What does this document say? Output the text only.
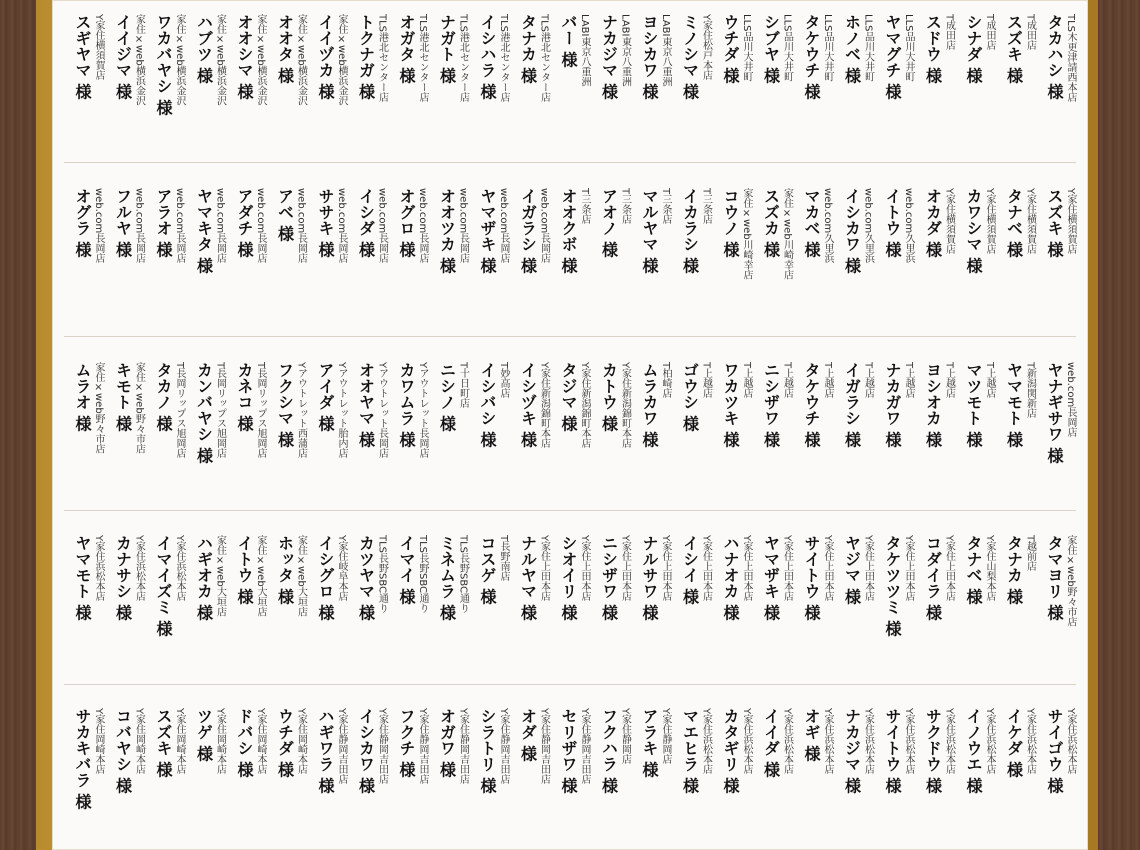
TLS木更津請西本店
タカハシ 様
T成田店
スズキ 様
T成田店
シナダ 様
T成田店
スドウ 様
LLS品川大井町
ヤマグチ 様
LLS品川大井町
ホノベ 様
LLS品川大井町
タケウチ 様
LLS品川大井町
シブヤ 様
LLS品川大井町
ウチダ 様
Y家住松戸本店
ミノシマ 様
LABI東京八重洲
ヨシカワ 様
LABI東京八重洲
ナカジマ 様
LABI東京八重洲
バー 様
TLS港北センター店
タナカ 様
TLS港北センター店
イシハラ 様
TLS港北センター店
ナガト 様
TLS港北センター店
オガタ 様
TLS港北センター店
トクナガ 様
家住×web横浜金沢
イイヅカ 様
家住×web横浜金沢
オオタ 様
家住×web横浜金沢
オオシマ 様
家住×web横浜金沢
ハブツ 様
家住×web横浜金沢
ワカバヤシ 様
家住×web横浜金沢
イイジマ 様
Y家住横須賀店
スギヤマ 様
Y家住横須賀店
スズキ 様
Y家住横須賀店
タナベ 様
Y家住横須賀店
カワシマ 様
Y家住横須賀店
オカダ 様
web.com久里浜
イトウ 様
web.com久里浜
イシカワ 様
web.com久里浜
マカベ 様
家住×web川崎幸店
スズカ 様
家住×web川崎幸店
コウノ 様
T三条店
イカラシ 様
T三条店
マルヤマ 様
T三条店
アオノ 様
T三条店
オオクボ 様
web.com長岡店
イガラシ 様
web.com長岡店
ヤマザキ 様
web.com長岡店
オオツカ 様
web.com長岡店
オグロ 様
web.com長岡店
イシダ 様
web.com長岡店
ササキ 様
web.com長岡店
アベ 様
web.com長岡店
アダチ 様
web.com長岡店
ヤマキタ 様
web.com長岡店
アラオ 様
web.com長岡店
フルヤ 様
web.com長岡店
オグラ 様
web.com長岡店
ヤナギサワ 様
T新潟関新店
ヤマモト 様
T上越店
マツモト 様
T上越店
ヨシオカ 様
T上越店
ナカガワ 様
T上越店
イガラシ 様
T上越店
タケウチ 様
T上越店
ニシザワ 様
T上越店
ワカツキ 様
T上越店
ゴウシ 様
T柏崎店
ムラカワ 様
Y家住新潟錦町本店
カトウ 様
Y家住新潟錦町本店
タジマ 様
Y家住新潟錦町本店
イシヅキ 様
T妙高店
イシバシ 様
T十日町店
ニシノ 様
Yアウトレット長岡店
カワムラ 様
Yアウトレット長岡店
オオヤマ 様
Yアウトレット胎内店
アイダ 様
Yアウトレット西蒲店
フクシマ 様
T長岡リップス旭岡店
カネコ 様
T長岡リップス旭岡店
カンバヤシ 様
T長岡リップス旭岡店
タカノ 様
家住×web野々市店
キモト 様
家住×web野々市店
ムラオ 様
家住×web野々市店
タマヨリ 様
T越前店
タナカ 様
Y家住山梨本店
タナベ 様
Y家住上田本店
コダイラ 様
Y家住上田本店
タケツツミ 様
Y家住上田本店
ヤジマ 様
Y家住上田本店
サイトウ 様
Y家住上田本店
ヤマザキ 様
Y家住上田本店
ハナオカ 様
Y家住上田本店
イシイ 様
Y家住上田本店
ナルサワ 様
Y家住上田本店
ニシザワ 様
Y家住上田本店
シオイリ 様
Y家住上田本店
ナルヤマ 様
T長野南店
コスゲ 様
TLS長野SBC通り
ミネムラ 様
TLS長野SBC通り
イマイ 様
TLS長野SBC通り
カツヤマ 様
Y家住岐阜本店
イシグロ 様
家住×web大垣店
ホッタ 様
家住×web大垣店
イトウ 様
家住×web大垣店
ハギオカ 様
Y家住浜松本店
イマイズミ 様
Y家住浜松本店
カナサシ 様
Y家住浜松本店
ヤマモト 様
Y家住浜松本店
サイゴウ 様
Y家住浜松本店
イケダ 様
Y家住浜松本店
イノウエ 様
Y家住浜松本店
サクドウ 様
Y家住浜松本店
サイトウ 様
Y家住浜松本店
ナカジマ 様
Y家住浜松本店
オギ 様
Y家住浜松本店
イイダ 様
Y家住浜松本店
カタギリ 様
Y家住浜松本店
マエヒラ 様
Y家住静岡店
アラキ 様
Y家住静岡店
フクハラ 様
Y家住静岡吉田店
セリザワ 様
Y家住静岡吉田店
オダ 様
Y家住静岡吉田店
シラトリ 様
Y家住静岡吉田店
オガワ 様
Y家住静岡吉田店
フクチ 様
Y家住静岡吉田店
イシカワ 様
Y家住静岡吉田店
ハギワラ 様
Y家住岡崎本店
ウチダ 様
Y家住岡崎本店
ドバシ 様
Y家住岡崎本店
ツゲ 様
Y家住岡崎本店
スズキ 様
Y家住岡崎本店
コバヤシ 様
Y家住岡崎本店
サカキバラ 様
